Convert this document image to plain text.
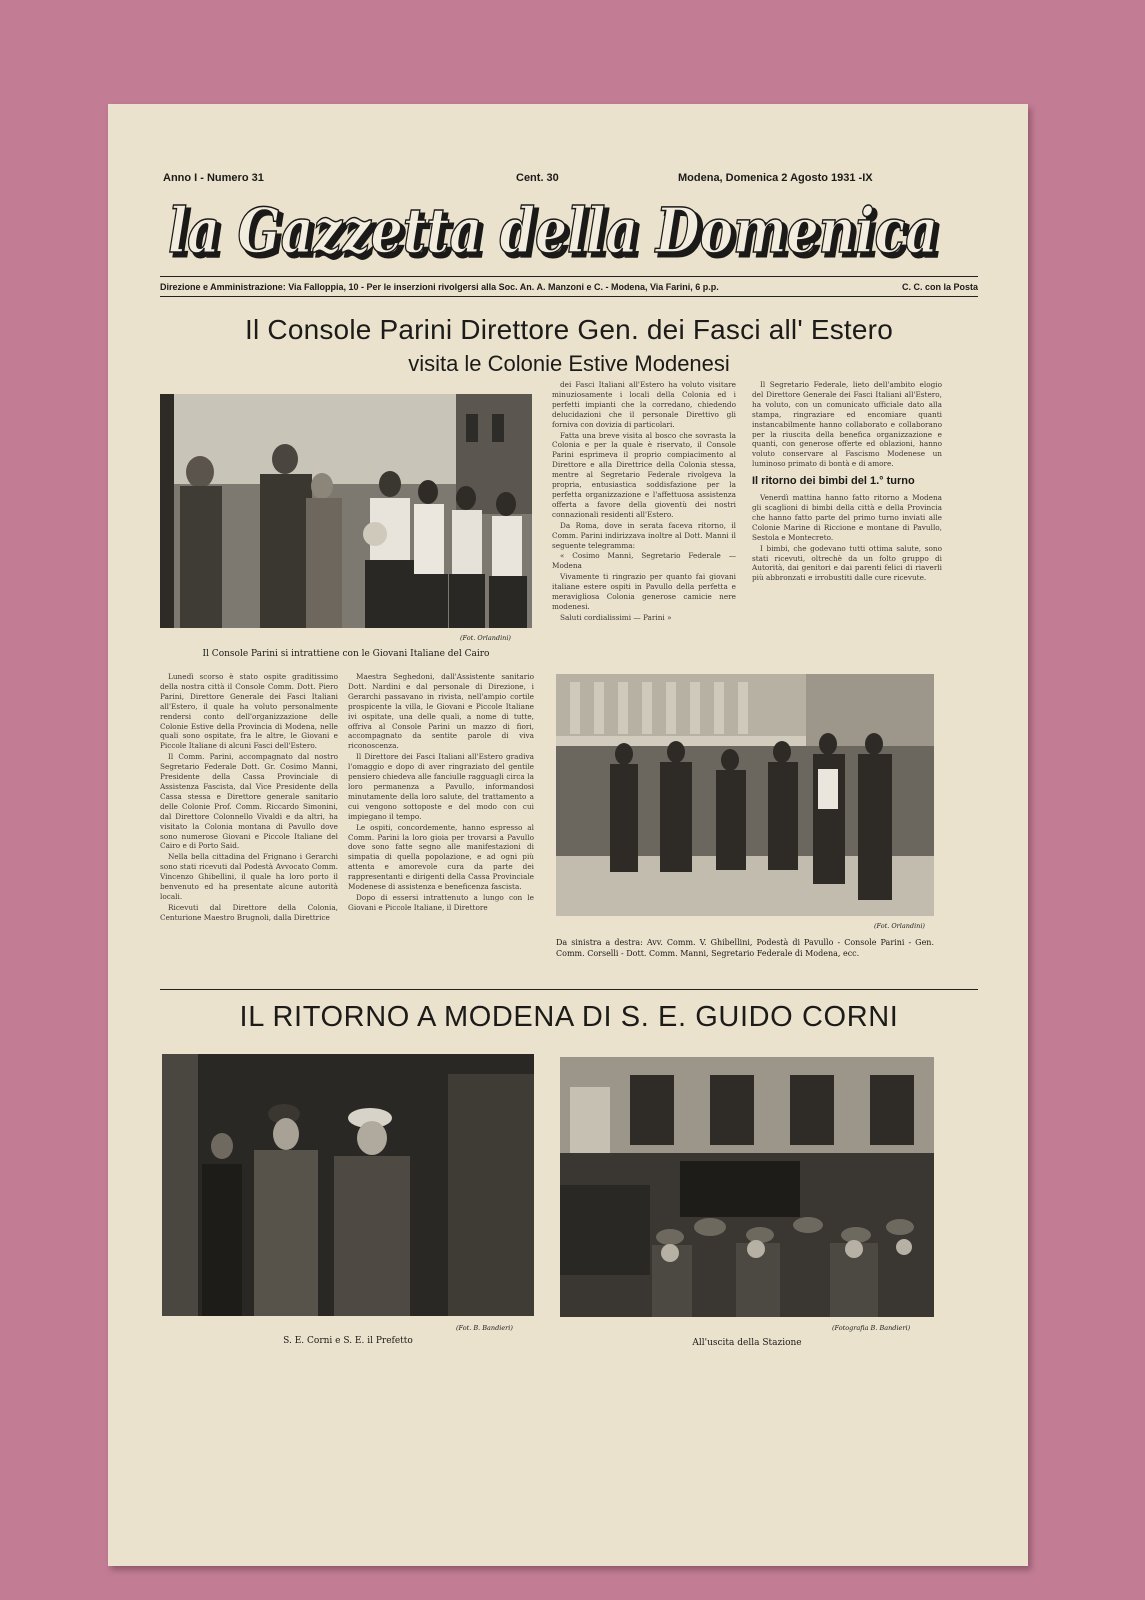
Anno I - Numero 31	Cent. 30	Modena, Domenica 2 Agosto 1931 -IX
la Gazzetta della Domenica
la Gazzetta della Domenica
Direzione e Amministrazione: Via Falloppia, 10 - Per le inserzioni rivolgersi alla Soc. An. A. Manzoni e C. - Modena, Via Farini, 6 p.p.	C. C. con la Posta
Il Console Parini Direttore Gen. dei Fasci all' Estero
visita le Colonie Estive Modenesi
(Fot. Orlandini)
Il Console Parini si intrattiene con le Giovani Italiane del Cairo

Lunedì scorso è stato ospite graditissimo della nostra città il Console Comm. Dott. Piero Parini, Direttore Generale dei Fasci Italiani all'Estero, il quale ha voluto personalmente rendersi conto dell'organizzazione delle Colonie Estive della Provincia di Modena, nelle quali sono ospitate, fra le altre, le Giovani e Piccole Italiane di alcuni Fasci dell'Estero.

Il Comm. Parini, accompagnato dal nostro Segretario Federale Dott. Gr. Cosimo Manni, Presidente della Cassa Provinciale di Assistenza Fascista, dal Vice Presidente della Cassa stessa e Direttore generale sanitario delle Colonie Prof. Comm. Riccardo Simonini, dal Direttore Colonnello Vivaldi e da altri, ha visitato la Colonia montana di Pavullo dove sono numerose Giovani e Piccole Italiane del Cairo e di Porto Said.

Nella bella cittadina del Frignano i Gerarchi sono stati ricevuti dal Podestà Avvocato Comm. Vincenzo Ghibellini, il quale ha loro porto il benvenuto ed ha presentate alcune autorità locali.

Ricevuti dal Direttore della Colonia, Centurione Maestro Brugnoli, dalla Direttrice

Maestra Seghedoni, dall'Assistente sanitario Dott. Nardini e dal personale di Direzione, i Gerarchi passavano in rivista, nell'ampio cortile prospicente la villa, le Giovani e Piccole Italiane ivi ospitate, una delle quali, a nome di tutte, offriva al Console Parini un mazzo di fiori, accompagnato da sentite parole di viva riconoscenza.

Il Direttore dei Fasci Italiani all'Estero gradiva l'omaggio e dopo di aver ringraziato del gentile pensiero chiedeva alle fanciulle ragguagli circa la loro permanenza a Pavullo, informandosi minutamente della loro salute, del trattamento a cui vengono sottoposte e del modo con cui impiegano il tempo.

Le ospiti, concordemente, hanno espresso al Comm. Parini la loro gioia per trovarsi a Pavullo dove sono fatte segno alle manifestazioni di simpatia di quella popolazione, e ad ogni più attenta e amorevole cura da parte dei rappresentanti e dirigenti della Cassa Provinciale Modenese di assistenza e beneficenza fascista.

Dopo di essersi intrattenuto a lungo con le Giovani e Piccole Italiane, il Direttore

dei Fasci Italiani all'Estero ha voluto visitare minuziosamente i locali della Colonia ed i perfetti impianti che la corredano, chiedendo delucidazioni che il personale Direttivo gli forniva con dovizia di particolari.

Fatta una breve visita al bosco che sovrasta la Colonia e per la quale è riservato, il Console Parini esprimeva il proprio compiacimento al Direttore e alla Direttrice della Colonia stessa, mentre al Segretario Federale rivolgeva la propria, entusiastica soddisfazione per la perfetta organizzazione e l'affettuosa assistenza offerta a favore della gioventù dei nostri connazionali residenti all'Estero.

Da Roma, dove in serata faceva ritorno, il Comm. Parini indirizzava inoltre al Dott. Manni il seguente telegramma:

« Cosimo Manni, Segretario Federale — Modena

Vivamente ti ringrazio per quanto fai giovani italiane estere ospiti in Pavullo della perfetta e meravigliosa Colonia generose camicie nere modenesi.

Saluti cordialissimi — Parini »

Il Segretario Federale, lieto dell'ambito elogio del Direttore Generale dei Fasci Italiani all'Estero, ha voluto, con un comunicato ufficiale dato alla stampa, ringraziare ed encomiare quanti instancabilmente hanno collaborato e collaborano per la riuscita della benefica organizzazione e quanti, con generose offerte ed oblazioni, hanno voluto conservare al Fascismo Modenese un luminoso primato di bontà e di amore.

Il ritorno dei bimbi del 1.° turno

Venerdì mattina hanno fatto ritorno a Modena gli scaglioni di bimbi della città e della Provincia che hanno fatto parte del primo turno inviati alle Colonie Marine di Riccione e montane di Pavullo, Sestola e Montecreto.

I bimbi, che godevano tutti ottima salute, sono stati ricevuti, oltrechè da un folto gruppo di Autorità, dai genitori e dai parenti felici di riaverli più abbronzati e irrobustiti dalle cure ricevute.

(Fot. Orlandini)
Da sinistra a destra: Avv. Comm. V. Ghibellini, Podestà di Pavullo - Console Parini - Gen. Comm. Corselli - Dott. Comm. Manni, Segretario Federale di Modena, ecc.
IL RITORNO A MODENA DI S. E. GUIDO CORNI
(Fot. B. Bandieri)
S. E. Corni e S. E. il Prefetto
(Fotografia B. Bandieri)
All'uscita della Stazione
